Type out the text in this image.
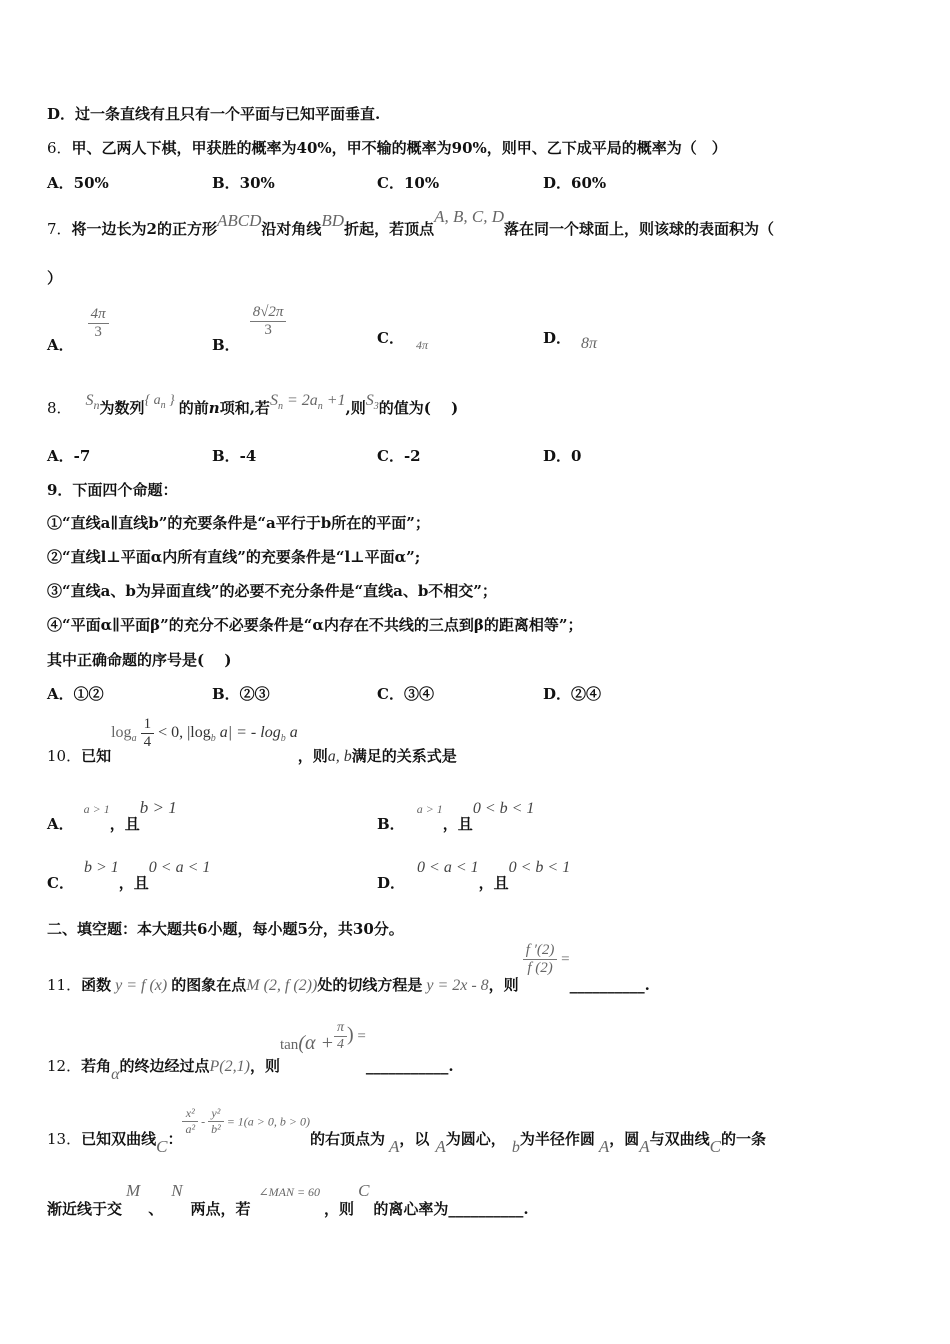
D．过一条直线有且只有一个平面与已知平面垂直.
6．甲、乙两人下棋，甲获胜的概率为40%，甲不输的概率为90%，则甲、乙下成平局的概率为（　）
A．50%	B．30%	C．10%	D．60%
7．将一边长为2的正方形ABCD沿对角线BD折起，若顶点A, B, C, D落在同一个球面上，则该球的表面积为（
）
A．
$\frac{4\pi}{3}$
B．
$\frac{8√2\pi}{3}$	C． $_{4\pi}$	D． 8π
8． $S_n$为数列{ $a_n$ } 的前n项和,若$S_n = 2a_n +1$,则$S_3$的值为(　 )
A．-7	B．-4	C．-2	D．0
9．下面四个命题：
①“直线a∥直线b”的充要条件是“a平行于b所在的平面”；
②“直线l⊥平面α内所有直线”的充要条件是“l⊥平面α”;
③“直线a、b为异面直线”的必要不充分条件是“直线a、b不相交”；
④“平面α∥平面β”的充分不必要条件是“α内存在不共线的三点到β的距离相等”；
其中正确命题的序号是(　 )
A．①②	B．②③	C．③④	D．②④
10．已知$\log_a \frac{1}{4} < 0$, $|\log_b$ a| = - $\log_b a$，则a, b满足的关系式是
A．a > 1，且b > 1
B．a > 1，且0 < b < 1
C．b > 1，且0 < a < 1
D．0 < a < 1，且0 < b < 1
二、填空题：本大题共6小题，每小题5分，共30分。
11．函数 y = f (x) 的图象在点M (2, f (2))处的切线方程是 y = 2x - 8，则
$\frac{f '(2)}{f (2)}$ =__________.
12．若角α的终边经过点P(2,1)，则$\tan(\alpha + \frac{\pi}{4}$ ) =___________.
13．已知双曲线C：
$\frac{\text{x²}}{\text{a²}} - \frac{\text{y²}}{\text{b²}} = 1(a > 0$, b > 0)的右顶点为 A，以 A为圆心， b为半径作圆 A，圆A与双曲线C的一条
渐近线于交M、N两点，若∠MAN = 60，则C的离心率为__________.
